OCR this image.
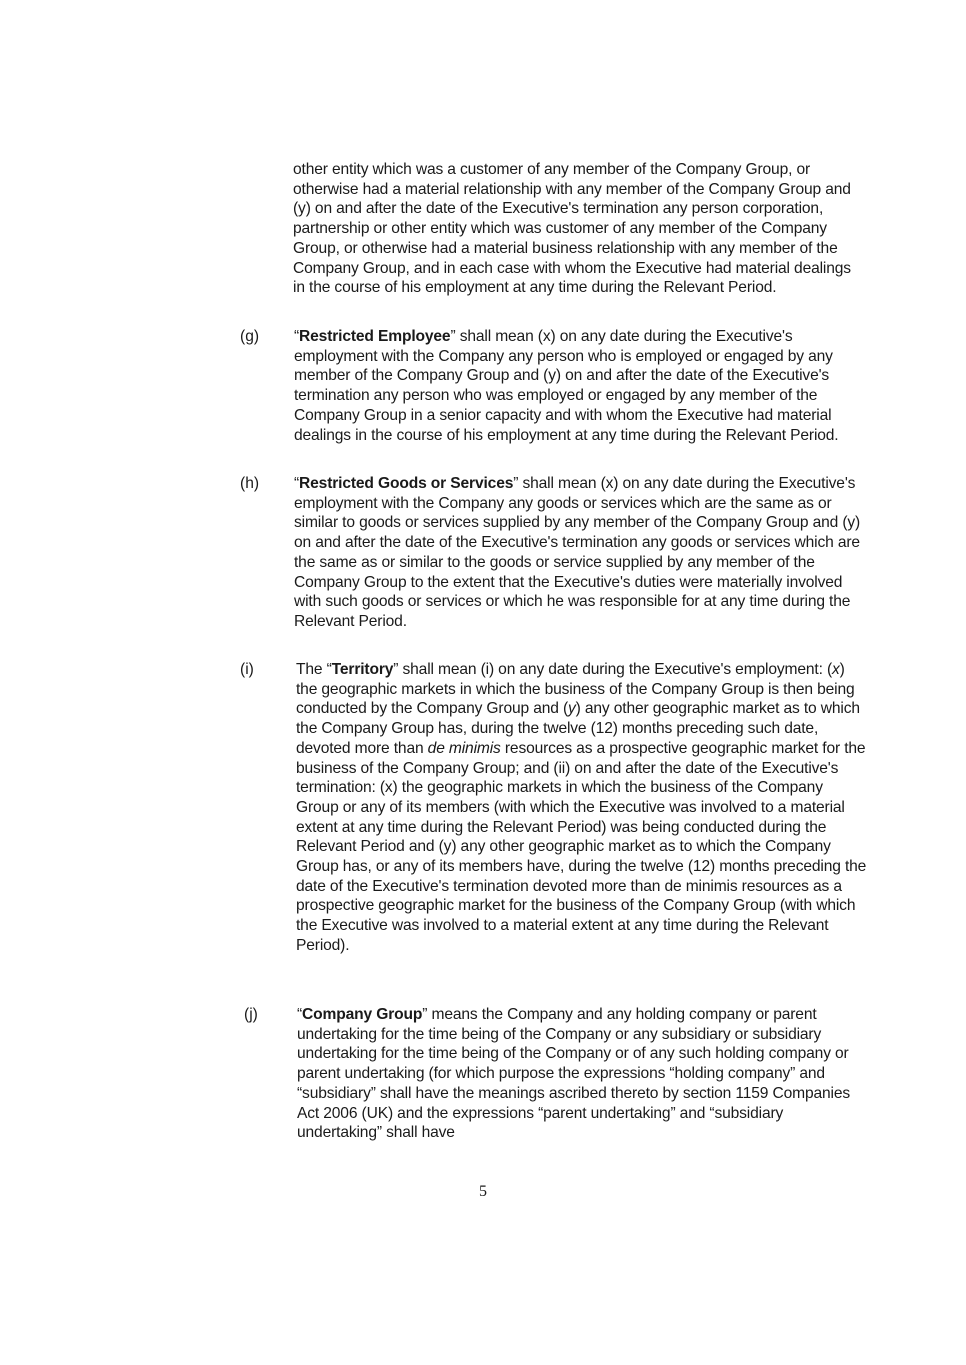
other entity which was a customer of any member of the Company Group, or otherwise had a material relationship with any member of the Company Group and (y) on and after the date of the Executive's termination any person corporation, partnership or other entity which was customer of any member of the Company Group, or otherwise had a material business relationship with any member of the Company Group, and in each case with whom the Executive had material dealings in the course of his employment at any time during the Relevant Period.
(g)	“Restricted Employee” shall mean (x) on any date during the Executive's employment with the Company any person who is employed or engaged by any member of the Company Group and (y) on and after the date of the Executive's termination any person who was employed or engaged by any member of the Company Group in a senior capacity and with whom the Executive had material dealings in the course of his employment at any time during the Relevant Period.
(h)	“Restricted Goods or Services” shall mean (x) on any date during the Executive's employment with the Company any goods or services which are the same as or similar to goods or services supplied by any member of the Company Group and (y) on and after the date of the Executive's termination any goods or services which are the same as or similar to the goods or service supplied by any member of the Company Group to the extent that the Executive's duties were materially involved with such goods or services or which he was responsible for at any time during the Relevant Period.
(i)	The “Territory” shall mean (i) on any date during the Executive's employment: (x) the geographic markets in which the business of the Company Group is then being conducted by the Company Group and (y) any other geographic market as to which the Company Group has, during the twelve (12) months preceding such date, devoted more than de minimis resources as a prospective geographic market for the business of the Company Group; and (ii) on and after the date of the Executive's termination: (x) the geographic markets in which the business of the Company Group or any of its members (with which the Executive was involved to a material extent at any time during the Relevant Period) was being conducted during the Relevant Period and (y) any other geographic market as to which the Company Group has, or any of its members have, during the twelve (12) months preceding the date of the Executive's termination devoted more than de minimis resources as a prospective geographic market for the business of the Company Group (with which the Executive was involved to a material extent at any time during the Relevant Period).
(j)	“Company Group” means the Company and any holding company or parent undertaking for the time being of the Company or any subsidiary or subsidiary undertaking for the time being of the Company or of any such holding company or parent undertaking (for which purpose the expressions “holding company” and “subsidiary” shall have the meanings ascribed thereto by section 1159 Companies Act 2006 (UK) and the expressions “parent undertaking” and “subsidiary undertaking” shall have
5
